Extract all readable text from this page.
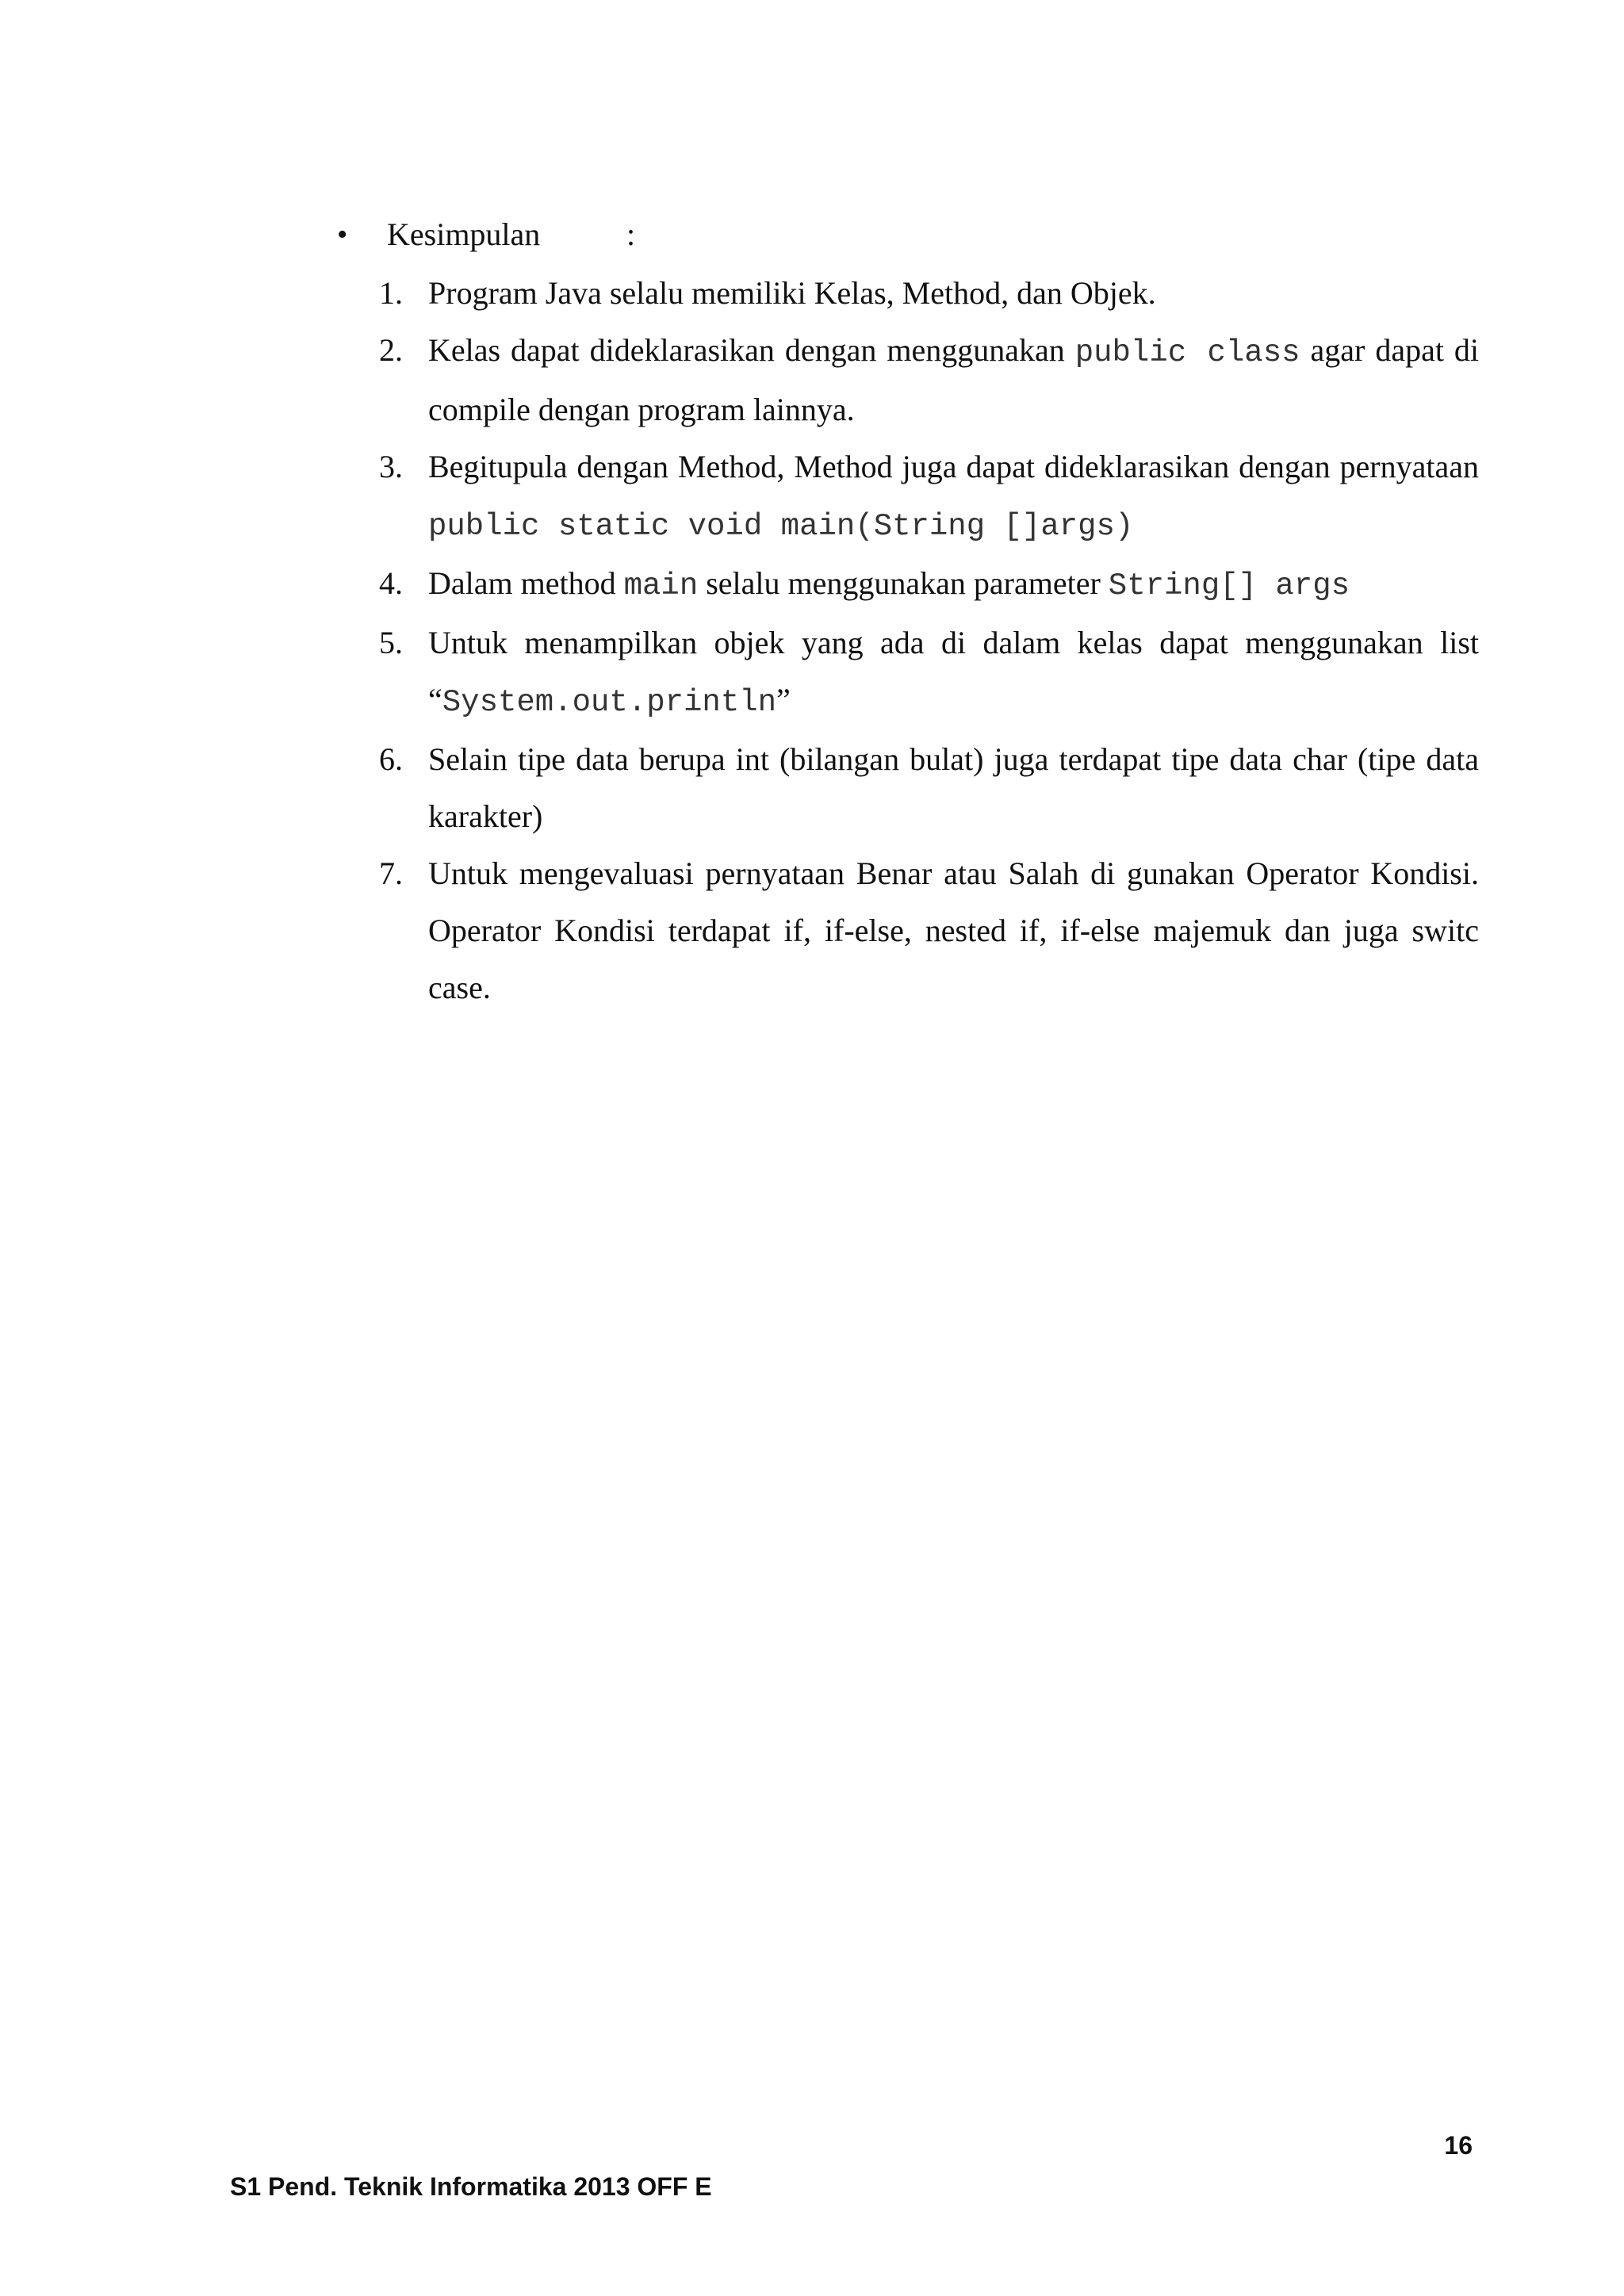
• Kesimpulan	:
1. Program Java selalu memiliki Kelas, Method, dan Objek.
2. Kelas dapat dideklarasikan dengan menggunakan public class agar dapat di compile dengan program lainnya.
3. Begitupula dengan Method, Method juga dapat dideklarasikan dengan pernyataan public static void main(String []args)
4. Dalam method main selalu menggunakan parameter String[] args
5. Untuk menampilkan objek yang ada di dalam kelas dapat menggunakan list “System.out.println”
6. Selain tipe data berupa int (bilangan bulat) juga terdapat tipe data char (tipe data karakter)
7. Untuk mengevaluasi pernyataan Benar atau Salah di gunakan Operator Kondisi. Operator Kondisi terdapat if, if-else, nested if, if-else majemuk dan juga switc case.
16
S1 Pend. Teknik Informatika 2013 OFF E
